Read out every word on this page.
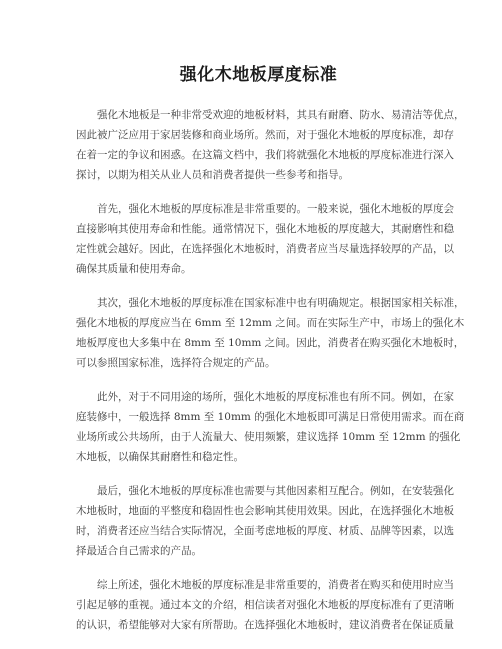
强化木地板厚度标准

强化木地板是一种非常受欢迎的地板材料，其具有耐磨、防水、易清洁等优点，
因此被广泛应用于家居装修和商业场所。然而，对于强化木地板的厚度标准，却存
在着一定的争议和困惑。在这篇文档中，我们将就强化木地板的厚度标准进行深入
探讨，以期为相关从业人员和消费者提供一些参考和指导。

首先，强化木地板的厚度标准是非常重要的。一般来说，强化木地板的厚度会
直接影响其使用寿命和性能。通常情况下，强化木地板的厚度越大，其耐磨性和稳
定性就会越好。因此，在选择强化木地板时，消费者应当尽量选择较厚的产品，以
确保其质量和使用寿命。

其次，强化木地板的厚度标准在国家标准中也有明确规定。根据国家相关标准，
强化木地板的厚度应当在 6mm 至 12mm 之间。而在实际生产中，市场上的强化木
地板厚度也大多集中在 8mm 至 10mm 之间。因此，消费者在购买强化木地板时，
可以参照国家标准，选择符合规定的产品。

此外，对于不同用途的场所，强化木地板的厚度标准也有所不同。例如，在家
庭装修中，一般选择 8mm 至 10mm 的强化木地板即可满足日常使用需求。而在商
业场所或公共场所，由于人流量大、使用频繁，建议选择 10mm 至 12mm 的强化
木地板，以确保其耐磨性和稳定性。

最后，强化木地板的厚度标准也需要与其他因素相互配合。例如，在安装强化
木地板时，地面的平整度和稳固性也会影响其使用效果。因此，在选择强化木地板
时，消费者还应当结合实际情况，全面考虑地板的厚度、材质、品牌等因素，以选
择最适合自己需求的产品。

综上所述，强化木地板的厚度标准是非常重要的，消费者在购买和使用时应当
引起足够的重视。通过本文的介绍，相信读者对强化木地板的厚度标准有了更清晰
的认识，希望能够对大家有所帮助。在选择强化木地板时，建议消费者在保证质量
